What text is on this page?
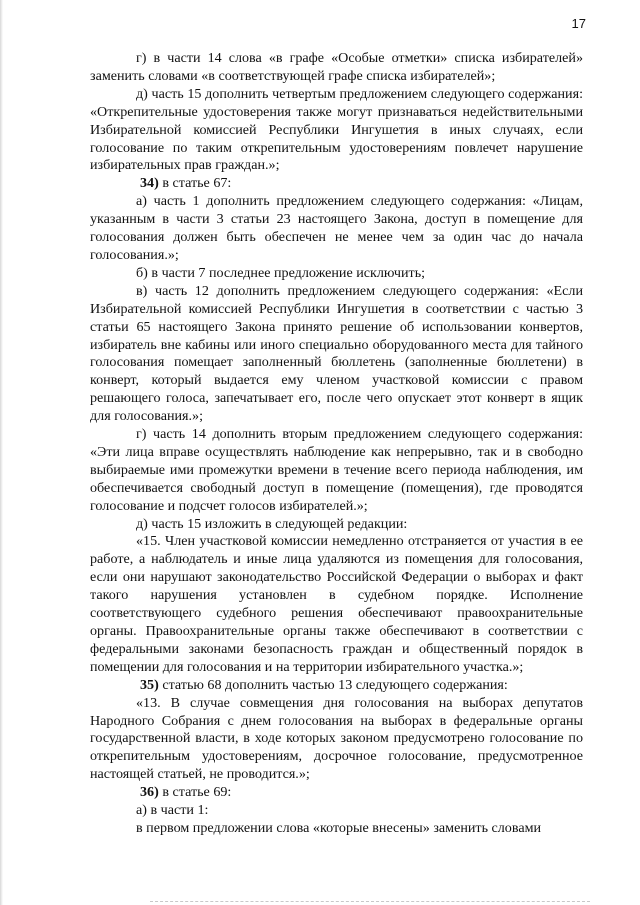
17

г) в части 14 слова «в графе «Особые отметки» списка избирателей» заменить словами «в соответствующей графе списка избирателей»;

д) часть 15 дополнить четвертым предложением следующего содержания: «Открепительные удостоверения также могут признаваться недействительными Избирательной комиссией Республики Ингушетия в иных случаях, если голосование по таким открепительным удостоверениям повлечет нарушение избирательных прав граждан.»;

34) в статье 67:

а) часть 1 дополнить предложением следующего содержания: «Лицам, указанным в части 3 статьи 23 настоящего Закона, доступ в помещение для голосования должен быть обеспечен не менее чем за один час до начала голосования.»;

б) в части 7 последнее предложение исключить;

в) часть 12 дополнить предложением следующего содержания: «Если Избирательной комиссией Республики Ингушетия в соответствии с частью 3 статьи 65 настоящего Закона принято решение об использовании конвертов, избиратель вне кабины или иного специально оборудованного места для тайного голосования помещает заполненный бюллетень (заполненные бюллетени) в конверт, который выдается ему членом участковой комиссии с правом решающего голоса, запечатывает его, после чего опускает этот конверт в ящик для голосования.»;

г) часть 14 дополнить вторым предложением следующего содержания: «Эти лица вправе осуществлять наблюдение как непрерывно, так и в свободно выбираемые ими промежутки времени в течение всего периода наблюдения, им обеспечивается свободный доступ в помещение (помещения), где проводятся голосование и подсчет голосов избирателей.»;

д) часть 15 изложить в следующей редакции:

«15. Член участковой комиссии немедленно отстраняется от участия в ее работе, а наблюдатель и иные лица удаляются из помещения для голосования, если они нарушают законодательство Российской Федерации о выборах и факт такого нарушения установлен в судебном порядке. Исполнение соответствующего судебного решения обеспечивают правоохранительные органы. Правоохранительные органы также обеспечивают в соответствии с федеральными законами безопасность граждан и общественный порядок в помещении для голосования и на территории избирательного участка.»;

35) статью 68 дополнить частью 13 следующего содержания:

«13. В случае совмещения дня голосования на выборах депутатов Народного Собрания с днем голосования на выборах в федеральные органы государственной власти, в ходе которых законом предусмотрено голосование по открепительным удостоверениям, досрочное голосование, предусмотренное настоящей статьей, не проводится.»;

36) в статье 69:

а) в части 1:

в первом предложении слова «которые внесены» заменить словами
